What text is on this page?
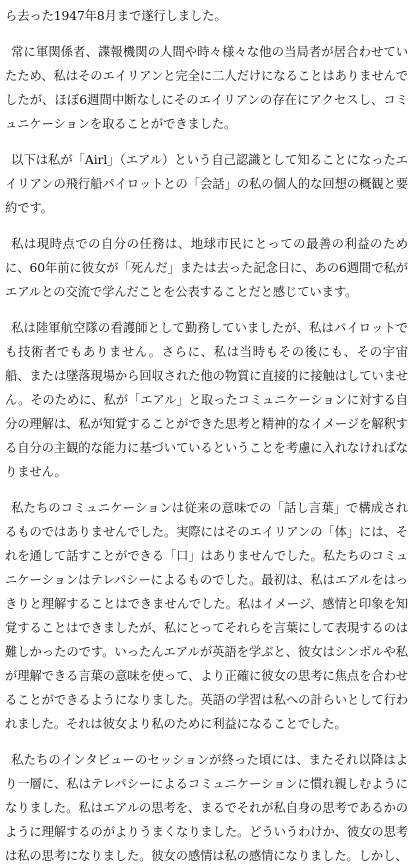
ら去った1947年8月まで遂行しました。

常に軍関係者、諜報機関の人間や時々様々な他の当局者が居合わせていたため、私はそのエイリアンと完全に二人だけになることはありませんでしたが、ほぼ6週間中断なしにそのエイリアンの存在にアクセスし、コミュニケーションを取ることができました。

以下は私が「Airl」（エアル）という自己認識として知ることになったエイリアンの飛行船パイロットとの「会話」の私の個人的な回想の概観と要約です。

私は現時点での自分の任務は、地球市民にとっての最善の利益のために、60年前に彼女が「死んだ」または去った記念日に、あの6週間で私がエアルとの交流で学んだことを公表することだと感じています。

私は陸軍航空隊の看護師として勤務していましたが、私はパイロットでも技術者でもありません。さらに、私は当時もその後にも、その宇宙船、または墜落現場から回収された他の物質に直接的に接触はしていません。そのために、私が「エアル」と取ったコミュニケーションに対する自分の理解は、私が知覚することができた思考と精神的なイメージを解釈する自分の主観的な能力に基づいているということを考慮に入れなければなりません。

私たちのコミュニケーションは従来の意味での「話し言葉」で構成されるものではありませんでした。実際にはそのエイリアンの「体」には、それを通して話すことができる「口」はありませんでした。私たちのコミュニケーションはテレパシーによるものでした。最初は、私はエアルをはっきりと理解することはできませんでした。私はイメージ、感情と印象を知覚することはできましたが、私にとってそれらを言葉にして表現するのは難しかったのです。いったんエアルが英語を学ぶと、彼女はシンボルや私が理解できる言葉の意味を使って、より正確に彼女の思考に焦点を合わせることができるようになりました。英語の学習は私への計らいとして行われました。それは彼女より私のために利益になることでした。

私たちのインタビューのセッションが終った頃には、またそれ以降はより一層に、私はテレパシーによるコミュニケーションに慣れ親しむようになりました。私はエアルの思考を、まるでそれが私自身の思考であるかのように理解するのがよりうまくなりました。どういうわけか、彼女の思考は私の思考になりました。彼女の感情は私の感情になりました。しかし、
